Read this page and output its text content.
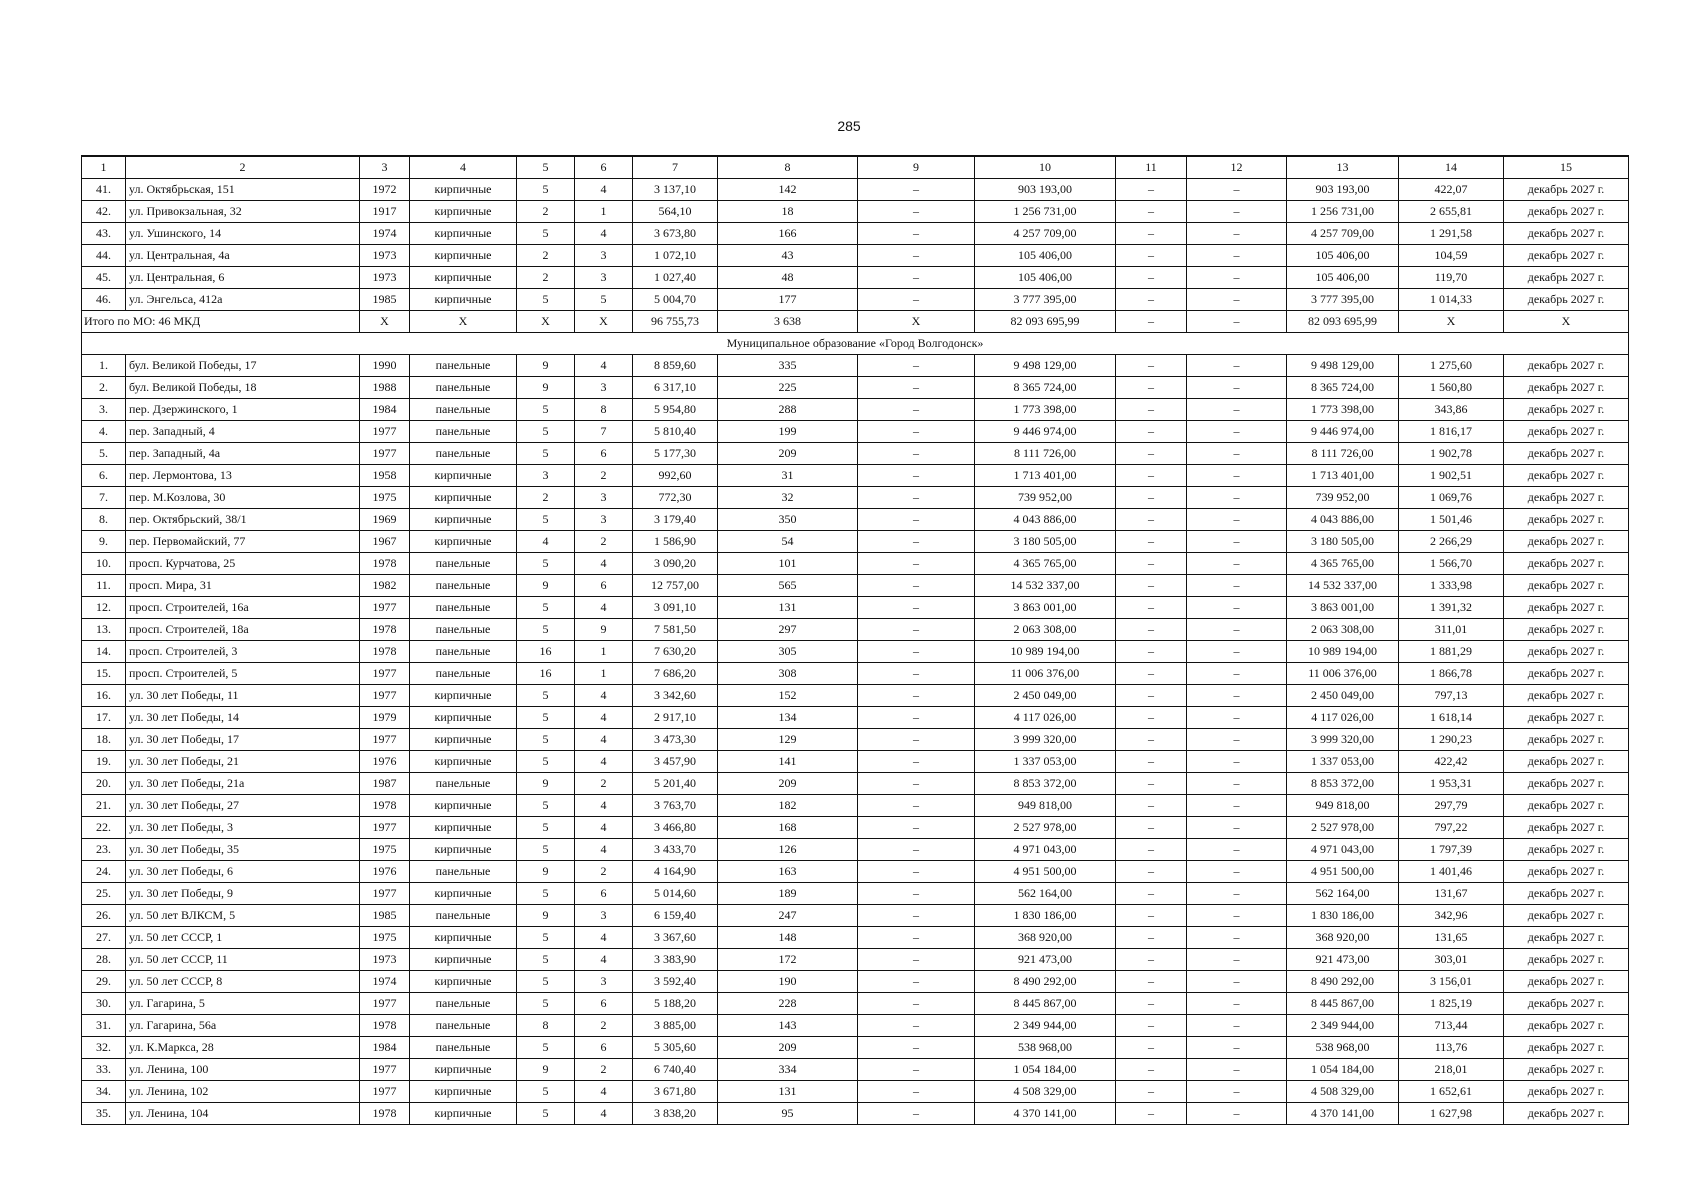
285
1	2	3	4	5	6	7	8	9	10	11	12	13	14	15
41.	ул. Октябрьская, 151	1972	кирпичные	5	4	3 137,10	142	–	903 193,00	–	–	903 193,00	422,07	декабрь 2027 г.
42.	ул. Привокзальная, 32	1917	кирпичные	2	1	564,10	18	–	1 256 731,00	–	–	1 256 731,00	2 655,81	декабрь 2027 г.
43.	ул. Ушинского, 14	1974	кирпичные	5	4	3 673,80	166	–	4 257 709,00	–	–	4 257 709,00	1 291,58	декабрь 2027 г.
44.	ул. Центральная, 4а	1973	кирпичные	2	3	1 072,10	43	–	105 406,00	–	–	105 406,00	104,59	декабрь 2027 г.
45.	ул. Центральная, 6	1973	кирпичные	2	3	1 027,40	48	–	105 406,00	–	–	105 406,00	119,70	декабрь 2027 г.
46.	ул. Энгельса, 412а	1985	кирпичные	5	5	5 004,70	177	–	3 777 395,00	–	–	3 777 395,00	1 014,33	декабрь 2027 г.
Итого по МО: 46 МКД		X	X	X	X	96 755,73	3 638	X	82 093 695,99	–	–	82 093 695,99	X	X
Муниципальное образование «Город Волгодонск»														
1.	бул. Великой Победы, 17	1990	панельные	9	4	8 859,60	335	–	9 498 129,00	–	–	9 498 129,00	1 275,60	декабрь 2027 г.
2.	бул. Великой Победы, 18	1988	панельные	9	3	6 317,10	225	–	8 365 724,00	–	–	8 365 724,00	1 560,80	декабрь 2027 г.
3.	пер. Дзержинского, 1	1984	панельные	5	8	5 954,80	288	–	1 773 398,00	–	–	1 773 398,00	343,86	декабрь 2027 г.
4.	пер. Западный, 4	1977	панельные	5	7	5 810,40	199	–	9 446 974,00	–	–	9 446 974,00	1 816,17	декабрь 2027 г.
5.	пер. Западный, 4а	1977	панельные	5	6	5 177,30	209	–	8 111 726,00	–	–	8 111 726,00	1 902,78	декабрь 2027 г.
6.	пер. Лермонтова, 13	1958	кирпичные	3	2	992,60	31	–	1 713 401,00	–	–	1 713 401,00	1 902,51	декабрь 2027 г.
7.	пер. М.Козлова, 30	1975	кирпичные	2	3	772,30	32	–	739 952,00	–	–	739 952,00	1 069,76	декабрь 2027 г.
8.	пер. Октябрьский, 38/1	1969	кирпичные	5	3	3 179,40	350	–	4 043 886,00	–	–	4 043 886,00	1 501,46	декабрь 2027 г.
9.	пер. Первомайский, 77	1967	кирпичные	4	2	1 586,90	54	–	3 180 505,00	–	–	3 180 505,00	2 266,29	декабрь 2027 г.
10.	просп. Курчатова, 25	1978	панельные	5	4	3 090,20	101	–	4 365 765,00	–	–	4 365 765,00	1 566,70	декабрь 2027 г.
11.	просп. Мира, 31	1982	панельные	9	6	12 757,00	565	–	14 532 337,00	–	–	14 532 337,00	1 333,98	декабрь 2027 г.
12.	просп. Строителей, 16а	1977	панельные	5	4	3 091,10	131	–	3 863 001,00	–	–	3 863 001,00	1 391,32	декабрь 2027 г.
13.	просп. Строителей, 18а	1978	панельные	5	9	7 581,50	297	–	2 063 308,00	–	–	2 063 308,00	311,01	декабрь 2027 г.
14.	просп. Строителей, 3	1978	панельные	16	1	7 630,20	305	–	10 989 194,00	–	–	10 989 194,00	1 881,29	декабрь 2027 г.
15.	просп. Строителей, 5	1977	панельные	16	1	7 686,20	308	–	11 006 376,00	–	–	11 006 376,00	1 866,78	декабрь 2027 г.
16.	ул. 30 лет Победы, 11	1977	кирпичные	5	4	3 342,60	152	–	2 450 049,00	–	–	2 450 049,00	797,13	декабрь 2027 г.
17.	ул. 30 лет Победы, 14	1979	кирпичные	5	4	2 917,10	134	–	4 117 026,00	–	–	4 117 026,00	1 618,14	декабрь 2027 г.
18.	ул. 30 лет Победы, 17	1977	кирпичные	5	4	3 473,30	129	–	3 999 320,00	–	–	3 999 320,00	1 290,23	декабрь 2027 г.
19.	ул. 30 лет Победы, 21	1976	кирпичные	5	4	3 457,90	141	–	1 337 053,00	–	–	1 337 053,00	422,42	декабрь 2027 г.
20.	ул. 30 лет Победы, 21а	1987	панельные	9	2	5 201,40	209	–	8 853 372,00	–	–	8 853 372,00	1 953,31	декабрь 2027 г.
21.	ул. 30 лет Победы, 27	1978	кирпичные	5	4	3 763,70	182	–	949 818,00	–	–	949 818,00	297,79	декабрь 2027 г.
22.	ул. 30 лет Победы, 3	1977	кирпичные	5	4	3 466,80	168	–	2 527 978,00	–	–	2 527 978,00	797,22	декабрь 2027 г.
23.	ул. 30 лет Победы, 35	1975	кирпичные	5	4	3 433,70	126	–	4 971 043,00	–	–	4 971 043,00	1 797,39	декабрь 2027 г.
24.	ул. 30 лет Победы, 6	1976	панельные	9	2	4 164,90	163	–	4 951 500,00	–	–	4 951 500,00	1 401,46	декабрь 2027 г.
25.	ул. 30 лет Победы, 9	1977	кирпичные	5	6	5 014,60	189	–	562 164,00	–	–	562 164,00	131,67	декабрь 2027 г.
26.	ул. 50 лет ВЛКСМ, 5	1985	панельные	9	3	6 159,40	247	–	1 830 186,00	–	–	1 830 186,00	342,96	декабрь 2027 г.
27.	ул. 50 лет СССР, 1	1975	кирпичные	5	4	3 367,60	148	–	368 920,00	–	–	368 920,00	131,65	декабрь 2027 г.
28.	ул. 50 лет СССР, 11	1973	кирпичные	5	4	3 383,90	172	–	921 473,00	–	–	921 473,00	303,01	декабрь 2027 г.
29.	ул. 50 лет СССР, 8	1974	кирпичные	5	3	3 592,40	190	–	8 490 292,00	–	–	8 490 292,00	3 156,01	декабрь 2027 г.
30.	ул. Гагарина, 5	1977	панельные	5	6	5 188,20	228	–	8 445 867,00	–	–	8 445 867,00	1 825,19	декабрь 2027 г.
31.	ул. Гагарина, 56а	1978	панельные	8	2	3 885,00	143	–	2 349 944,00	–	–	2 349 944,00	713,44	декабрь 2027 г.
32.	ул. К.Маркса, 28	1984	панельные	5	6	5 305,60	209	–	538 968,00	–	–	538 968,00	113,76	декабрь 2027 г.
33.	ул. Ленина, 100	1977	кирпичные	9	2	6 740,40	334	–	1 054 184,00	–	–	1 054 184,00	218,01	декабрь 2027 г.
34.	ул. Ленина, 102	1977	кирпичные	5	4	3 671,80	131	–	4 508 329,00	–	–	4 508 329,00	1 652,61	декабрь 2027 г.
35.	ул. Ленина, 104	1978	кирпичные	5	4	3 838,20	95	–	4 370 141,00	–	–	4 370 141,00	1 627,98	декабрь 2027 г.
